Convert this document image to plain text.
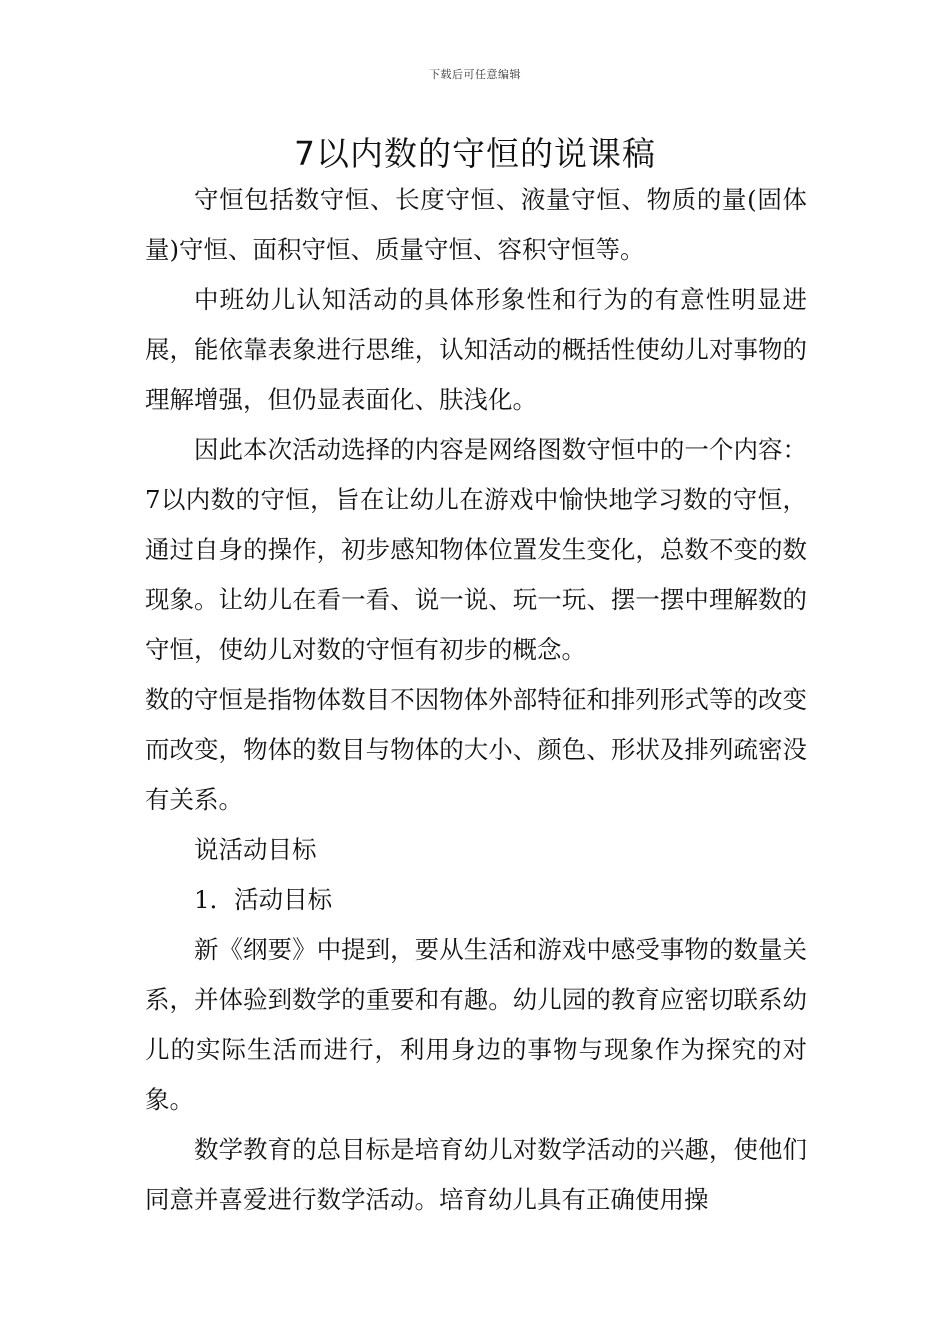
下载后可任意编辑
7以内数的守恒的说课稿

守恒包括数守恒、长度守恒、液量守恒、物质的量(固体量)守恒、面积守恒、质量守恒、容积守恒等。

中班幼儿认知活动的具体形象性和行为的有意性明显进展，能依靠表象进行思维，认知活动的概括性使幼儿对事物的理解增强，但仍显表面化、肤浅化。

因此本次活动选择的内容是网络图数守恒中的一个内容：7以内数的守恒，旨在让幼儿在游戏中愉快地学习数的守恒，通过自身的操作，初步感知物体位置发生变化，总数不变的数现象。让幼儿在看一看、说一说、玩一玩、摆一摆中理解数的守恒，使幼儿对数的守恒有初步的概念。

数的守恒是指物体数目不因物体外部特征和排列形式等的改变而改变，物体的数目与物体的大小、颜色、形状及排列疏密没有关系。

说活动目标

1．活动目标

新《纲要》中提到，要从生活和游戏中感受事物的数量关系，并体验到数学的重要和有趣。幼儿园的教育应密切联系幼儿的实际生活而进行，利用身边的事物与现象作为探究的对象。

数学教育的总目标是培育幼儿对数学活动的兴趣，使他们同意并喜爱进行数学活动。培育幼儿具有正确使用操
